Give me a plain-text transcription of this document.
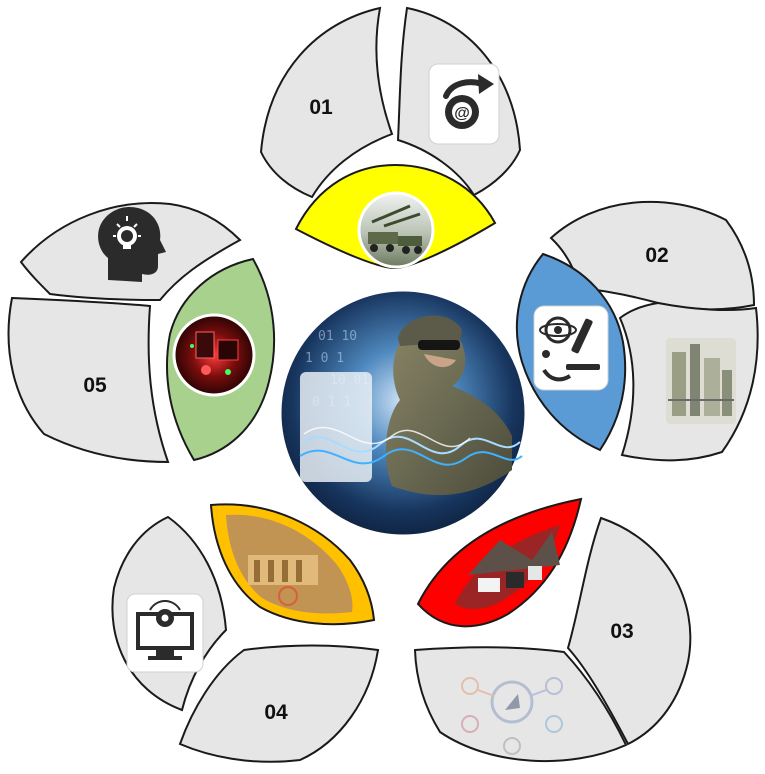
01	@
02
03
04
05
01 10
1 0 1
